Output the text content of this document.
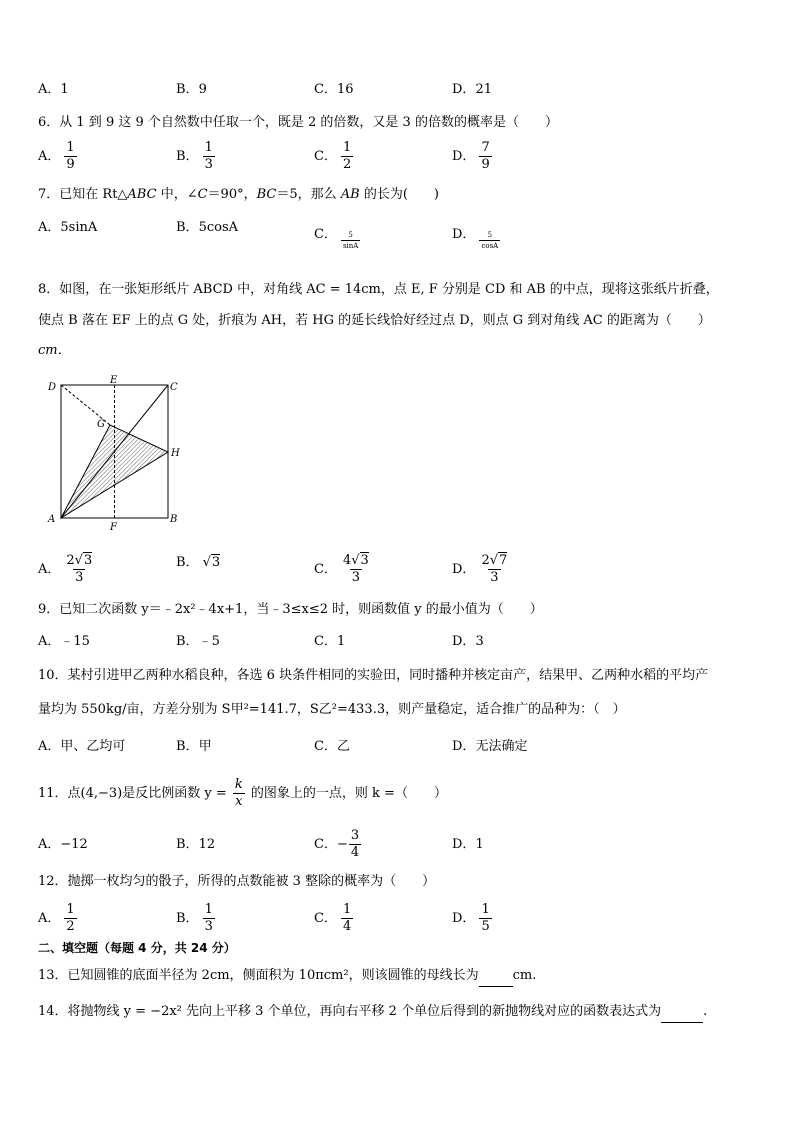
A．1	B．9	C．16	D．21
6．从 1 到 9 这 9 个自然数中任取一个，既是 2 的倍数，又是 3 的倍数的概率是（　　）
A． $\frac{1}{9}$	B． $\frac{1}{3}$	C． $\frac{1}{2}$	D． $\frac{7}{9}$
7．已知在 Rt△ABC 中，∠C＝90°，BC＝5，那么 AB 的长为(　　)
A．5sinA	B．5cosA	C． $\frac{5}{\sin A}$	D． $\frac{5}{\cos A}$
8．如图，在一张矩形纸片 ABCD 中，对角线 AC = 14cm，点 E, F 分别是 CD 和 AB 的中点，现将这张纸片折叠，
使点 B 落在 EF 上的点 G 处，折痕为 AH，若 HG 的延长线恰好经过点 D，则点 G 到对角线 AC 的距离为（　　）
cm．
D
E
C
G
H
A
F
B
A． $\frac{2√3}{3}$	B． √3	C． $\frac{4√3}{3}$	D． $\frac{2√7}{3}$
9．已知二次函数 y＝﹣2x²﹣4x+1，当﹣3≤x≤2 时，则函数值 y 的最小值为（　　）
A．﹣15	B．﹣5	C．1	D．3
10．某村引进甲乙两种水稻良种，各选 6 块条件相同的实验田，同时播种并核定亩产，结果甲、乙两种水稻的平均产
量均为 550kg/亩，方差分别为 S甲²=141.7，S乙²=433.3，则产量稳定，适合推广的品种为：（　）
A．甲、乙均可	B．甲	C．乙	D．无法确定
11．点(4,−3)是反比例函数 $y = \frac{k}{x}$ 的图象上的一点，则 k =（　　）
A．−12	B．12	C．− $\frac{3}{4}$	D．1
12．抛掷一枚均匀的骰子，所得的点数能被 3 整除的概率为（　　）
A． $\frac{1}{2}$	B． $\frac{1}{3}$	C． $\frac{1}{4}$	D． $\frac{1}{5}$
二、填空题（每题 4 分，共 24 分）
13．已知圆锥的底面半径为 2cm，侧面积为 10πcm²，则该圆锥的母线长为	cm.
14．将抛物线 y = −2x² 先向上平移 3 个单位，再向右平移 2 个单位后得到的新抛物线对应的函数表达式为	.
